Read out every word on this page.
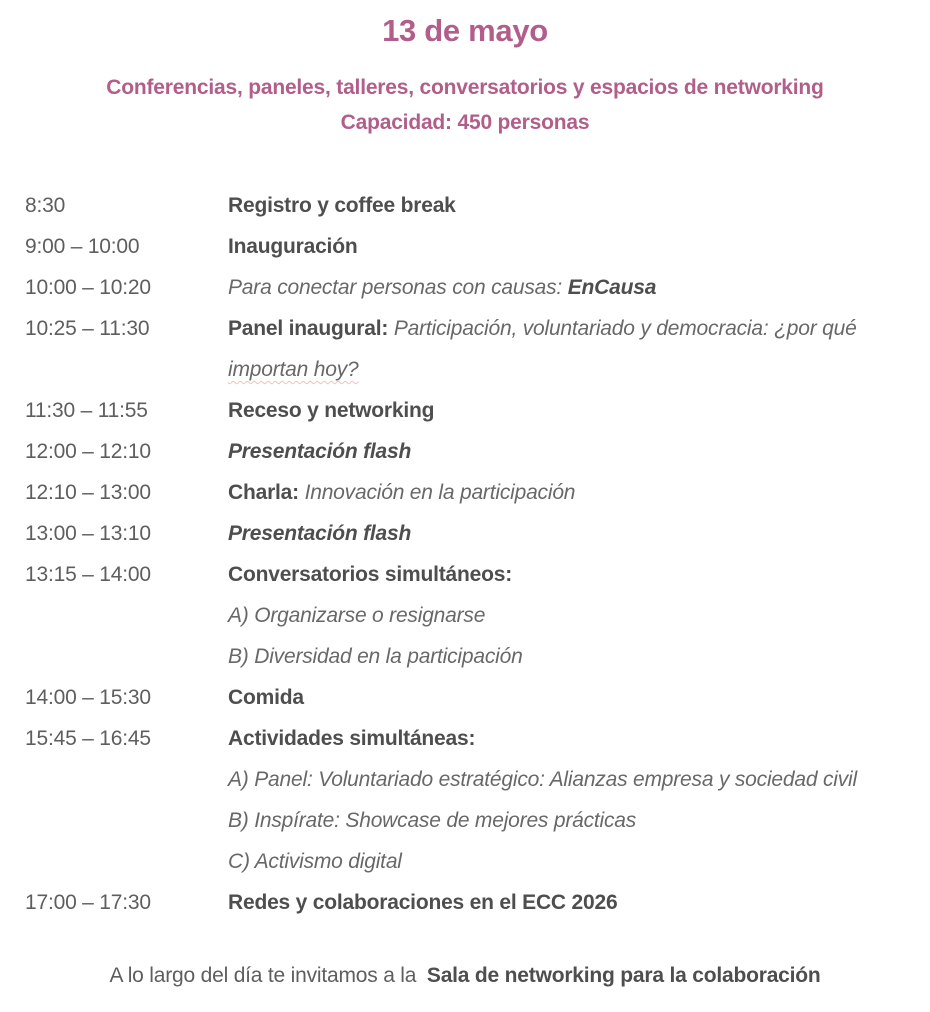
13 de mayo
Conferencias, paneles, talleres, conversatorios y espacios de networking
Capacidad: 450 personas
8:30	Registro y coffee break
9:00 – 10:00	Inauguración
10:00 – 10:20	Para conectar personas con causas: EnCausa
10:25 – 11:30	Panel inaugural: Participación, voluntariado y democracia: ¿por qué importan hoy?
11:30 – 11:55	Receso y networking
12:00 – 12:10	Presentación flash
12:10 – 13:00	Charla: Innovación en la participación
13:00 – 13:10	Presentación flash
13:15 – 14:00	Conversatorios simultáneos:
A) Organizarse o resignarse
B) Diversidad en la participación
14:00 – 15:30	Comida
15:45 – 16:45	Actividades simultáneas:
A) Panel: Voluntariado estratégico: Alianzas empresa y sociedad civil
B) Inspírate: Showcase de mejores prácticas
C) Activismo digital
17:00 – 17:30	Redes y colaboraciones en el ECC 2026
A lo largo del día te invitamos a la Sala de networking para la colaboración
